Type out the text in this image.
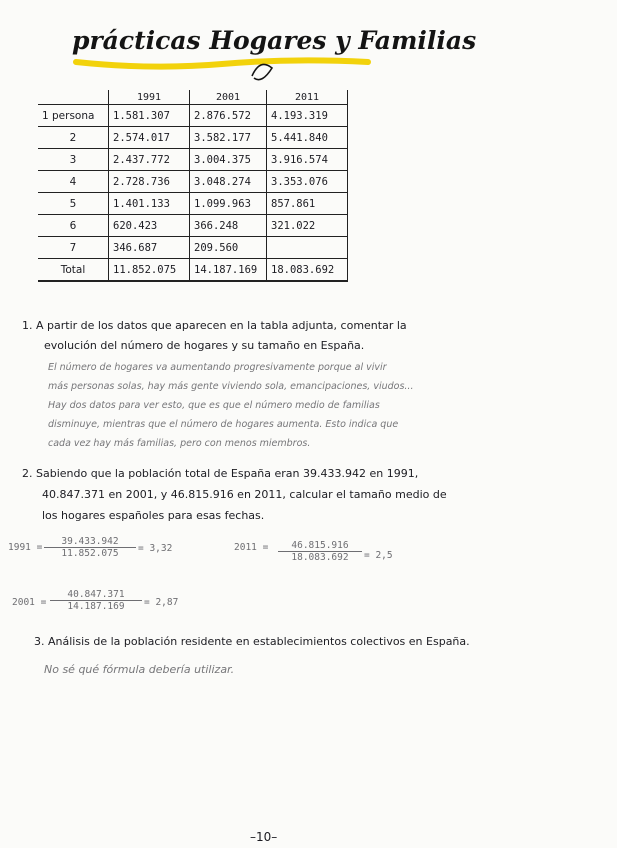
prácticas Hogares y Familias
	1991	2001	2011
1 persona	1.581.307	2.876.572	4.193.319
2	2.574.017	3.582.177	5.441.840
3	2.437.772	3.004.375	3.916.574
4	2.728.736	3.048.274	3.353.076
5	1.401.133	1.099.963	857.861
6	620.423	366.248	321.022
7	346.687	209.560	
Total	11.852.075	14.187.169	18.083.692
1. A partir de los datos que aparecen en la tabla adjunta, comentar la
evolución del número de hogares y su tamaño en España.
El número de hogares va aumentando progresivamente porque al vivir
más personas solas, hay más gente viviendo sola, emancipaciones, viudos...
Hay dos datos para ver esto, que es que el número medio de familias
disminuye, mientras que el número de hogares aumenta. Esto indica que
cada vez hay más familias, pero con menos miembros.
2. Sabiendo que la población total de España eran 39.433.942 en 1991,
40.847.371 en 2001, y 46.815.916 en 2011, calcular el tamaño medio de
los hogares españoles para esas fechas.
$1991 = \frac{39.433.942}{11.852.075} = 3,32$	$2011 = \frac{46.815.916}{18.083.692} = 2,5$
$2001 = \frac{40.847.371}{14.187.169} = 2,87$
3. Análisis de la población residente en establecimientos colectivos en España.
No sé qué fórmula debería utilizar.
–10–
